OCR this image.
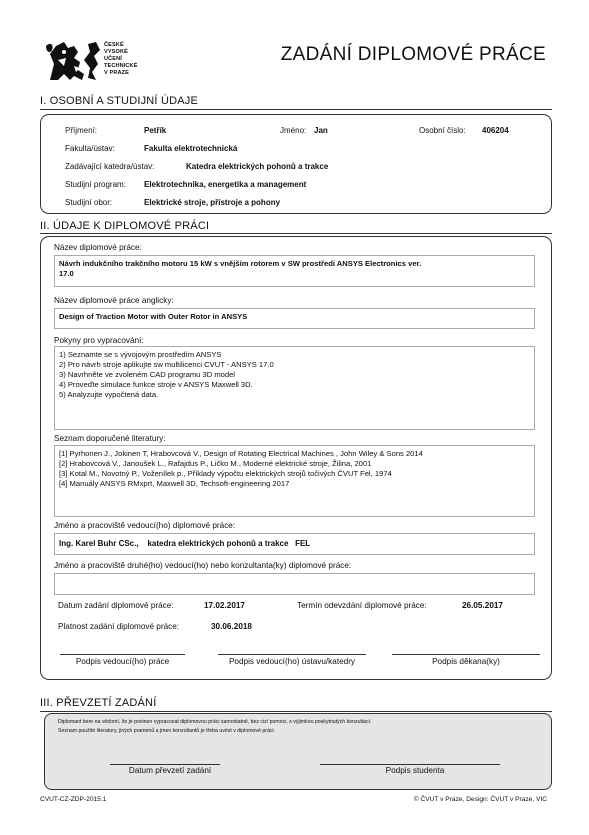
ČESKÉ
VYSOKÉ
UČENÍ
TECHNICKÉ
V PRAZE
ZADÁNÍ DIPLOMOVÉ PRÁCE
I. OSOBNÍ A STUDIJNÍ ÚDAJE
Příjmení:	Petřík	Jméno: Jan	Osobní číslo: 406204
Fakulta/ústav:	Fakulta elektrotechnická
Zadávající katedra/ústav:	Katedra elektrických pohonů a trakce
Studijní program: Elektrotechnika, energetika a management
Studijní obor:	Elektrické stroje, přístroje a pohony
II. ÚDAJE K DIPLOMOVÉ PRÁCI
Název diplomové práce:
Návrh indukčního trakčního motoru 15 kW s vnějším rotorem v SW prostředí ANSYS Electronics ver.
17.0
Název diplomové práce anglicky:
Design of Traction Motor with Outer Rotor in ANSYS
Pokyny pro vypracování:
1) Seznamte se s vývojovým prostředím ANSYS
2) Pro návrh stroje aplikujte sw multilicenci CVUT - ANSYS 17.0
3) Navrhněte ve zvoleném CAD programu 3D model
4) Proveďte simulace funkce stroje v ANSYS Maxwell 3D.
5) Analyzujte vypočtená data.
Seznam doporučené literatury:
[1] Pyrhonen J., Jokinen T, Hrabovcová V., Design of Rotating Electrical Machines , John Wiley & Sons 2014
[2] Hrabovcová V., Janoušek L., Rafajdus P., Ličko M., Moderné elektrické stroje, Žilina, 2001
[3] Kotal M., Novotný P., Voženílek p., Příklady výpočtu elektrických strojů točivých ČVUT Fel, 1974
[4] Manuály ANSYS RMxprt, Maxwell 3D, Techsoft-engineering 2017
Jméno a pracoviště vedoucí(ho) diplomové práce:
Ing. Karel Buhr CSc.,    katedra elektrických pohonů a trakce   FEL
Jméno a pracoviště druhé(ho) vedoucí(ho) nebo konzultanta(ky) diplomové práce:
Datum zadání diplomové práce:	17.02.2017	Termín odevzdání diplomové práce:	26.05.2017
Platnost zadání diplomové práce:	30.06.2018
Podpis vedoucí(ho) práce	Podpis vedoucí(ho) ústavu/katedry	Podpis děkana(ky)
III. PŘEVZETÍ ZADÁNÍ
Diplomant bere na vědomí, že je povinen vypracovat diplomovou práci samostatně, bez cizí pomoci, s výjimkou poskytnutých konzultací.
Seznam použité literatury, jiných pramenů a jmen konzultantů je třeba uvést v diplomové práci.
Datum převzetí zadání	Podpis studenta
CVUT-CZ-ZDP-2015.1	© ČVUT v Praze, Design: ČVUT v Praze, VIC
